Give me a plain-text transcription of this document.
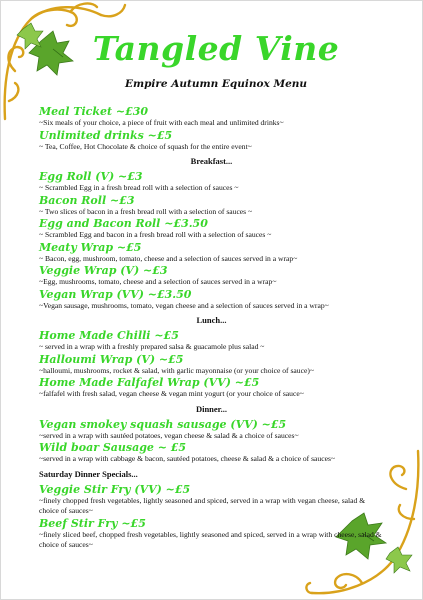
Tangled Vine
Empire Autumn Equinox Menu
Meal Ticket ~£30
~Six meals of your choice, a piece of fruit with each meal and unlimited drinks~
Unlimited drinks ~£5
~ Tea, Coffee, Hot Chocolate & choice of squash for the entire event~
Breakfast...
Egg Roll (V) ~£3
~ Scrambled Egg in a fresh bread roll with a selection of sauces ~
Bacon Roll ~£3
~ Two slices of bacon in a fresh bread roll with a selection of sauces ~
Egg and Bacon Roll ~£3.50
~ Scrambled Egg and bacon in a fresh bread roll with a selection of sauces ~
Meaty Wrap ~£5
~ Bacon, egg, mushroom, tomato, cheese and a selection of sauces served in a wrap~
Veggie Wrap (V) ~£3
~Egg, mushrooms, tomato, cheese and a selection of sauces served in a wrap~
Vegan Wrap (VV) ~£3.50
~Vegan sausage, mushrooms, tomato, vegan cheese and a selection of sauces served in a wrap~
Lunch...
Home Made Chilli ~£5
~ served in a wrap with a freshly prepared salsa & guacamole plus salad ~
Halloumi Wrap (V) ~£5
~halloumi, mushrooms, rocket & salad, with garlic mayonnaise (or your choice of sauce)~
Home Made Falfafel Wrap (VV) ~£5
~falfafel with fresh salad, vegan cheese & vegan mint yogurt (or your choice of sauce~
Dinner...
Vegan smokey squash sausage (VV) ~£5
~served in a wrap with sautéed potatoes, vegan cheese & salad & a choice of sauces~
Wild boar Sausage ~ £5
~served in a wrap with cabbage & bacon, sautéed potatoes, cheese & salad & a choice of sauces~
Saturday Dinner Specials...
Veggie Stir Fry (VV) ~£5
~finely chopped fresh vegetables, lightly seasoned and spiced, served in a wrap with vegan cheese, salad & choice of sauces~
Beef Stir Fry ~£5
~finely sliced beef, chopped fresh vegetables, lightly seasoned and spiced, served in a wrap with cheese, salad & choice of sauces~
